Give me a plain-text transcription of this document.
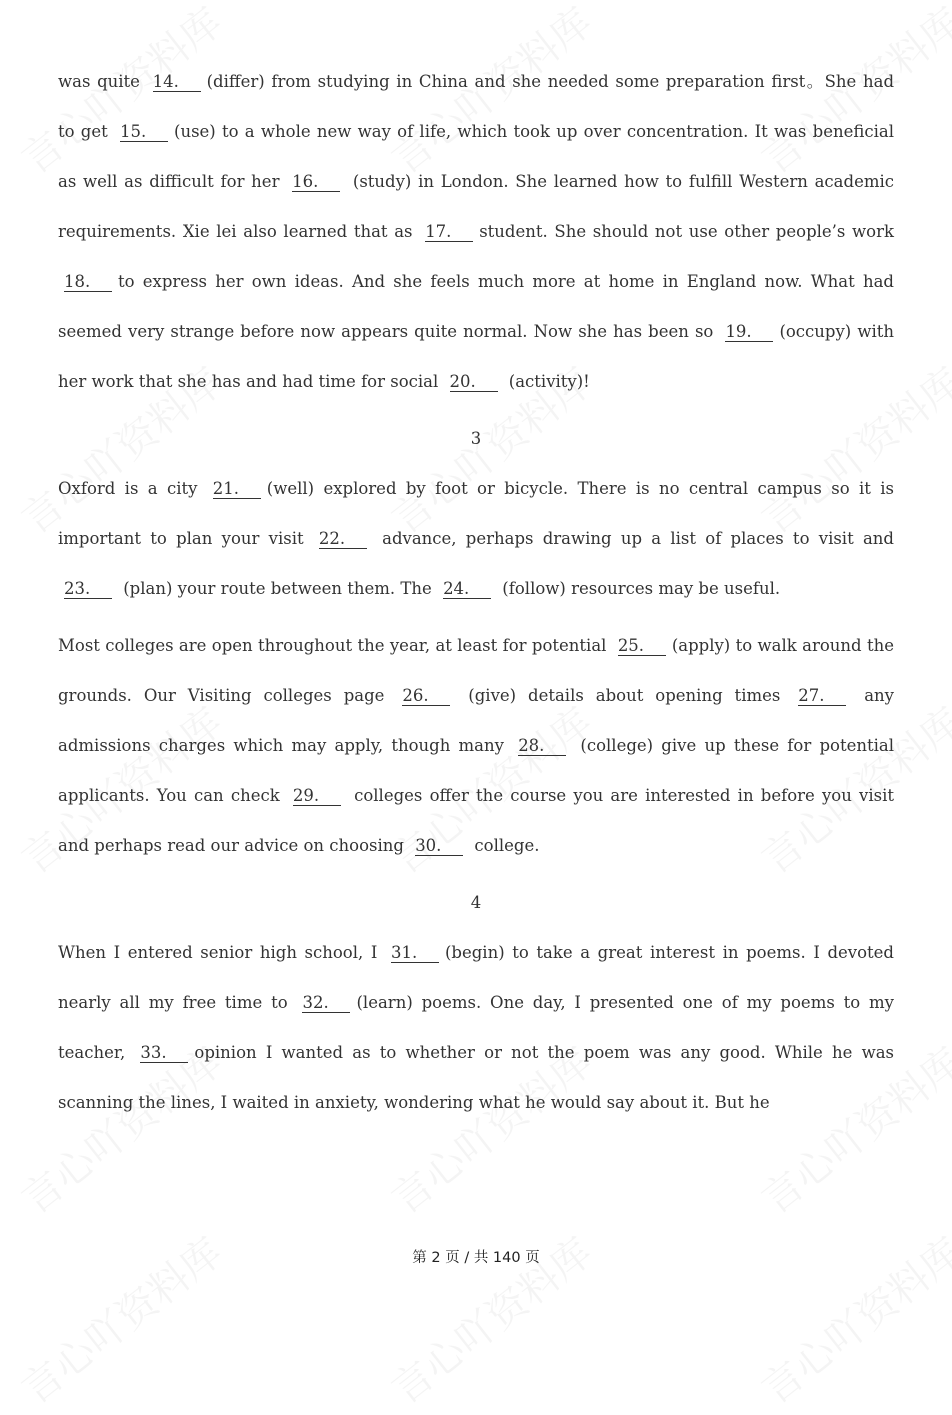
was quite 14. (differ) from studying in China and she needed some preparation first。She had to get 15. (use) to a whole new way of life, which took up over concentration. It was beneficial as well as difficult for her 16. (study) in London. She learned how to fulfill Western academic requirements. Xie lei also learned that as 17. student. She should not use other people’s work 18. to express her own ideas. And she feels much more at home in England now. What had seemed very strange before now appears quite normal. Now she has been so 19. (occupy) with her work that she has and had time for social 20. (activity)!

3

Oxford is a city 21. (well) explored by foot or bicycle. There is no central campus so it is important to plan your visit 22. advance, perhaps drawing up a list of places to visit and 23. (plan) your route between them. The 24. (follow) resources may be useful.

Most colleges are open throughout the year, at least for potential 25. (apply) to walk around the grounds. Our Visiting colleges page 26. (give) details about opening times 27. any admissions charges which may apply, though many 28. (college) give up these for potential applicants. You can check 29. colleges offer the course you are interested in before you visit and perhaps read our advice on choosing 30. college.

4

When I entered senior high school, I 31. (begin) to take a great interest in poems. I devoted nearly all my free time to 32. (learn) poems. One day, I presented one of my poems to my teacher, 33. opinion I wanted as to whether or not the poem was any good. While he was scanning the lines, I waited in anxiety, wondering what he would say about it. But he

第 2 页 / 共 140 页
